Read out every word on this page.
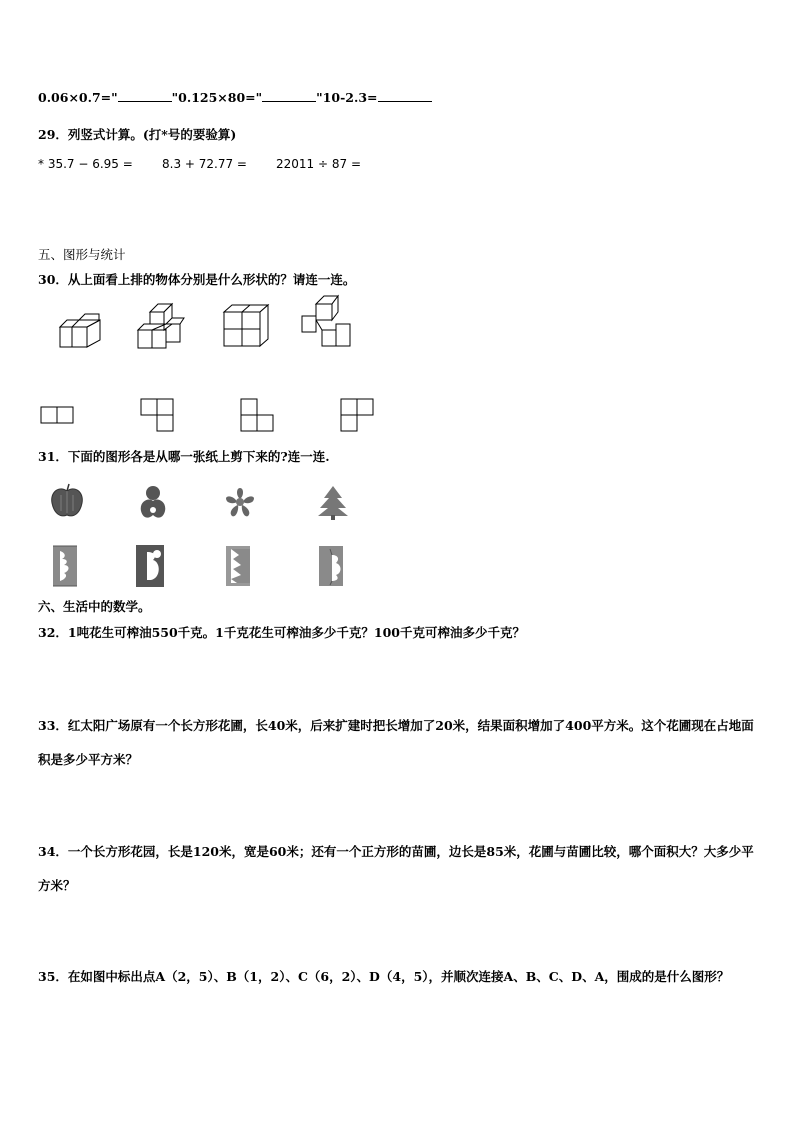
0.06×0.7="	"0.125×80="	"10-2.3=
29．列竖式计算。(打*号的要验算)
* 35.7 − 6.95 = 8.3 + 72.77 = 22011 ÷ 87 =
五、图形与统计
30．从上面看上排的物体分别是什么形状的？请连一连。
31．下面的图形各是从哪一张纸上剪下来的?连一连.
六、生活中的数学。
32．1吨花生可榨油550千克。1千克花生可榨油多少千克？100千克可榨油多少千克？
33．红太阳广场原有一个长方形花圃，长40米，后来扩建时把长增加了20米，结果面积增加了400平方米。这个花圃现在占地面积是多少平方米？
34．一个长方形花园，长是120米，宽是60米；还有一个正方形的苗圃，边长是85米，花圃与苗圃比较，哪个面积大？大多少平方米？
35．在如图中标出点A（2，5）、B（1，2）、C（6，2）、D（4，5），并顺次连接A、B、C、D、A，围成的是什么图形？
